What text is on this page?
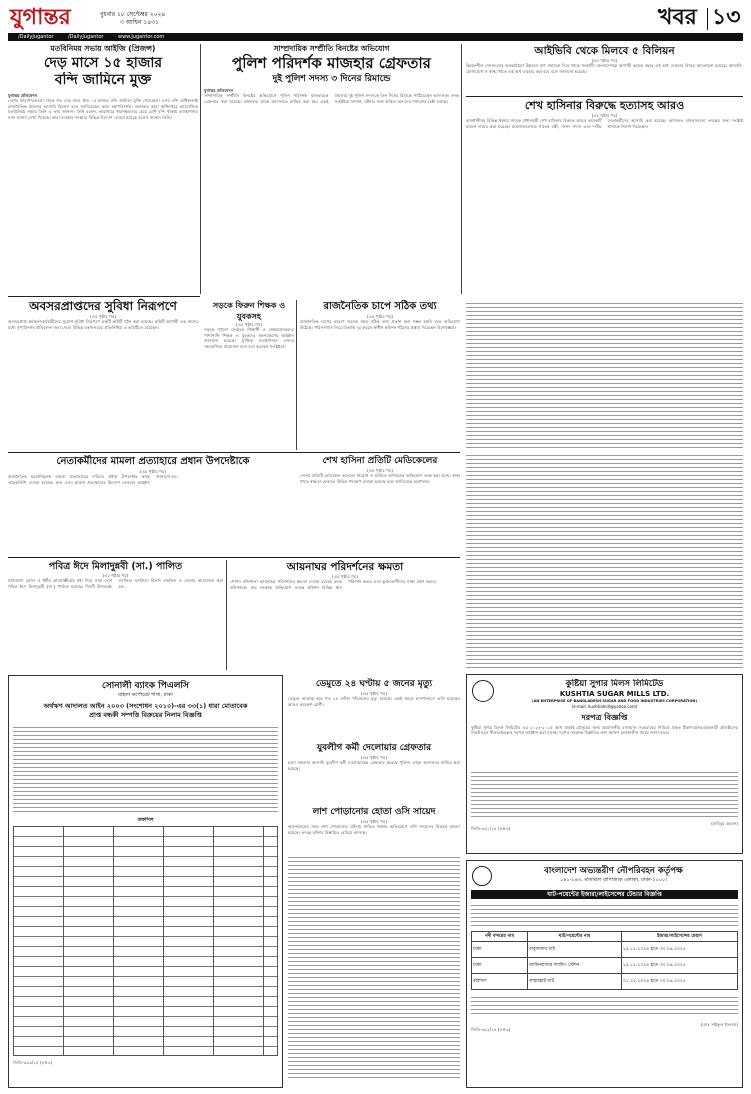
যুগান্তর	বুধবার ১৮ সেপ্টেম্বর ২০২৪
৩ আশ্বিন ১৪৩১	খবর ১৩
/DailyJugantor	/DailyJugantor	www.jugantor.com
মতবিনিময় সভায় আইজি (প্রিজন্স)
দেড় মাসে ১৫ হাজার
বন্দি জামিনে মুক্ত
যুগান্তর প্রতিবেদন
দেশের কারাগারগুলো থেকে গত দেড় মাসে প্রায় ১৫ হাজার বন্দি জামিনে মুক্তি পেয়েছেন। এসব বন্দি অধিকাংশই রাজনৈতিক মামলার আসামি ছিলেন বলে জানিয়েছেন কারা মহাপরিদর্শক। মঙ্গলবার কারা অধিদপ্তরে আয়োজিত মতবিনিময় সভায় তিনি এ তথ্য জানান। তিনি বলেন, কারাগারে ধারণক্ষমতার চেয়ে বেশি বন্দি থাকায় ব্যবস্থাপনায় নানা সমস্যা দেখা দিয়েছে। কারা ব্যবস্থার সংস্কারে বিভিন্ন উদ্যোগ নেওয়া হয়েছে বলেও জানান তিনি।
সাম্প্রদায়িক সম্প্রীতি বিনষ্টের অভিযোগ
পুলিশ পরিদর্শক মাজহার গ্রেফতার
দুই পুলিশ সদস্য ৩ দিনের রিমান্ডে
যুগান্তর প্রতিবেদন
সাম্প্রদায়িক সম্প্রীতি বিনষ্টের অভিযোগে পুলিশ পরিদর্শক মাজহারকে গ্রেফতার করা হয়েছে। মঙ্গলবার তাকে আদালতে হাজির করা হয়। একই মামলায় দুই পুলিশ সদস্যকে তিন দিনের রিমান্ডে পাঠিয়েছেন আদালত। তদন্ত সংশ্লিষ্টরা জানান, ঘটনার সঙ্গে জড়িত অন্যদের শনাক্তের চেষ্টা চলছে।
আইভিবি থেকে মিলবে ৫ বিলিয়ন
(এর পৃষ্ঠার পর)
উন্নয়নশীল দেশগুলোর অবকাঠামো উন্নয়নে ঋণ সহায়তা দিয়ে থাকে সংস্থাটি। বাংলাদেশকে আগামী কয়েক বছরে এই অর্থ দেওয়ার বিষয়ে আলোচনা হয়েছে। জ্বালানি, যোগাযোগ ও স্বাস্থ্য খাতে এই অর্থ ব্যবহার করা হবে বলে জানানো হয়েছে।
শেখ হাসিনার বিরুদ্ধে হত্যাসহ আরও
(এর পৃষ্ঠার পর)
রাজধানীসহ বিভিন্ন থানায় সাবেক প্রধানমন্ত্রী শেখ হাসিনার বিরুদ্ধে আরও কয়েকটি মামলা দায়ের করা হয়েছে। মামলাগুলোতে সাবেক মন্ত্রী, সংসদ সদস্য এবং দলীয় নেতাকর্মীদের আসামি করা হয়েছে। আদালত মামলাগুলো তদন্তের জন্য সংশ্লিষ্ট থানাকে নির্দেশ দিয়েছেন।
অবসরপ্রাপ্তদের সুবিধা নিরূপণে
(এর পৃষ্ঠার পর)
অবসরপ্রাপ্ত কর্মকর্তা-কর্মচারীদের সুযোগ-সুবিধা নিরূপণে একটি কমিটি গঠন করা হয়েছে। কমিটি আগামী এক মাসের মধ্যে সুপারিশসহ প্রতিবেদন জমা দেবে। বিভিন্ন মন্ত্রণালয়ের প্রতিনিধিরা এ কমিটিতে রয়েছেন।
সড়কে ফিরুন শিক্ষক ও যুবকসহ
(এর পৃষ্ঠার পর)
সড়কে শৃঙ্খলা ফেরাতে শিক্ষার্থী ও স্বেচ্ছাসেবকদের পাশাপাশি শিক্ষক ও যুবকদের অংশগ্রহণের আহ্বান জানানো হয়েছে। ট্রাফিক ব্যবস্থাপনায় তাদের সহযোগিতা প্রয়োজন বলে মনে করছেন সংশ্লিষ্টরা।
রাজনৈতিক চাপে সঠিক তথ্য
(এর পৃষ্ঠার পর)
রাজনৈতিক চাপের কারণে অনেক সময় সঠিক তথ্য প্রকাশ করা সম্ভব হয়নি বলে অভিযোগ উঠেছে। পরিসংখ্যান নিয়ে বিভ্রান্তি দূর করতে স্বাধীন কমিশন গঠনের প্রস্তাব দিয়েছেন বিশেষজ্ঞরা।
নেতাকর্মীদের মামলা প্রত্যাহারে প্রধান উপদেষ্টাকে
(এর পৃষ্ঠার পর)
রাজনৈতিক হয়রানিমূলক মামলা প্রত্যাহারের দাবিতে প্রধান উপদেষ্টার কাছে স্মারকলিপি দেওয়া হয়েছে। দ্রুত এসব মামলা প্রত্যাহারের উদ্যোগ নেওয়ার আহ্বান জানানো হয়।
শেখ হাসিনা প্রতিটি মেডিকেলের
(এর পৃষ্ঠার পর)
দেশের প্রতিটি মেডিকেল কলেজে নিয়োগ ও ভর্তিতে অনিয়মের অভিযোগ তদন্ত করা হচ্ছে। স্বাস্থ্য খাতে স্বচ্ছতা ফেরাতে বিভিন্ন পদক্ষেপ নেওয়া হয়েছে বলে জানিয়েছে মন্ত্রণালয়।
পবিত্র ঈদে মিলাদুন্নবী (সা.) পালিত
(এর পৃষ্ঠার পর)
যথাযোগ্য মর্যাদা ও ধর্মীয় ভাবগাম্ভীর্যের মধ্য দিয়ে সারা দেশে পবিত্র ঈদে মিলাদুন্নবী (সা.) পালিত হয়েছে। দিনটি উপলক্ষ্যে মসজিদে মসজিদে মিলাদ মাহফিল ও দোয়ার আয়োজন করা হয়।
আয়নাঘর পরিদর্শনের ক্ষমতা
(এর পৃষ্ঠার পর)
গোপন বন্দিশালা আয়নাঘর পরিদর্শনের ক্ষমতা দেওয়া হয়েছে তদন্ত কমিশনকে। গুম সংক্রান্ত অভিযোগ তদন্তে কমিশন বিভিন্ন স্থান পরিদর্শন করবে এবং ভুক্তভোগীদের সাক্ষ্য গ্রহণ করবে।
সোনালী ব্যাংক পিএলসি
মহিলা কর্পোরেট শাখা, ঢাকা
অর্থঋণ আদালত আইন ২০০৩ (সংশোধন ২০১০)-এর ৩৩(১) ধারা মোতাবেক
প্রাপ্ত বন্ধকী সম্পত্তি বিক্রয়ের নিলাম বিজ্ঞপ্তি
তফসিল
জিডি-৩৯৩/২৪ (৫×৩)
ডেমুতে ২৪ ঘণ্টায় ৫ জনের মৃত্যু
(এর পৃষ্ঠার পর)
ডেঙ্গু আক্রান্ত হয়ে গত ২৪ ঘণ্টায় পাঁচজনের মৃত্যু হয়েছে। একই সময়ে হাসপাতালে ভর্তি হয়েছেন আরও কয়েকশ রোগী।
যুবলীগ কর্মী দেলোয়ার গ্রেফতার
(এর পৃষ্ঠার পর)
হত্যা মামলার আসামি যুবলীগ কর্মী দেলোয়ারকে গ্রেফতার করেছে পুলিশ। তাকে আদালতে হাজির করা হয়েছে।
লাশ পোড়ানোর হোতা ওসি সায়েদ
(এর পৃষ্ঠার পর)
আন্দোলনের সময় লাশ পোড়ানোর ঘটনায় জড়িত থাকার অভিযোগে ওসি সায়েদের বিরুদ্ধে মামলা হয়েছে। তদন্তে ঘটনার বিস্তারিত বেরিয়ে আসছে।
কুষ্টিয়া সুগার মিলস লিমিটেড
KUSHTIA SUGAR MILLS LTD.
(AN ENTERPRISE OF BANGLADESH SUGAR AND FOOD INDUSTRIES CORPORATION)
(e-mail: kushtiamill@yahoo.com)
দরপত্র বিজ্ঞপ্তি
কুষ্টিয়া সুগার মিলস লিমিটেড এর ২০২৪-২০২৫ আখ মাড়াই মৌসুমের জন্য প্রয়োজনীয় মালামাল সরবরাহের নিমিত্তে প্রকৃত ঠিকাদার/সরবরাহকারী প্রতিষ্ঠানের নিকট হতে সীলমোহরকৃত দরপত্র আহ্বান করা যাচ্ছে। দরপত্র সংক্রান্ত বিস্তারিত তথ্য অফিস চলাকালীন সময়ে জানা যাবে।
(হাবিবুর রহমান)
জিডি-৩৯১/২৪ (৫×৩)
বাংলাদেশ অভ্যন্তরীণ নৌপরিবহন কর্তৃপক্ষ
১৪১-১৪৩, মতিঝিল বাণিজ্যিক এলাকা, ঢাকা-১০০০।
ঘাট-পয়েন্টের ইজারা/লাইসেন্সের টেন্ডার বিজ্ঞপ্তি
নদী বন্দরের নাম	ঘাট/পয়েন্টের নাম	ইজারা/লাইসেন্সের মেয়াদ
ঢাকা	বাবুবাজার ঘাট	১৫.১১.২০২৪ হতে ৩০.০৬.২০২৫
ঢাকা	আমিনবাজার ল্যান্ডিং স্টেশন	১৫.১১.২০২৪ হতে ৩০.০৬.২০২৫
বরিশাল	লাহারহাট ঘাট	০১.১২.২০২৪ হতে ৩০.০৬.২০২৫
(মোঃ সাইফুল ইসলাম)
জিডি-৩৯২/২৪ (৫×৩)
